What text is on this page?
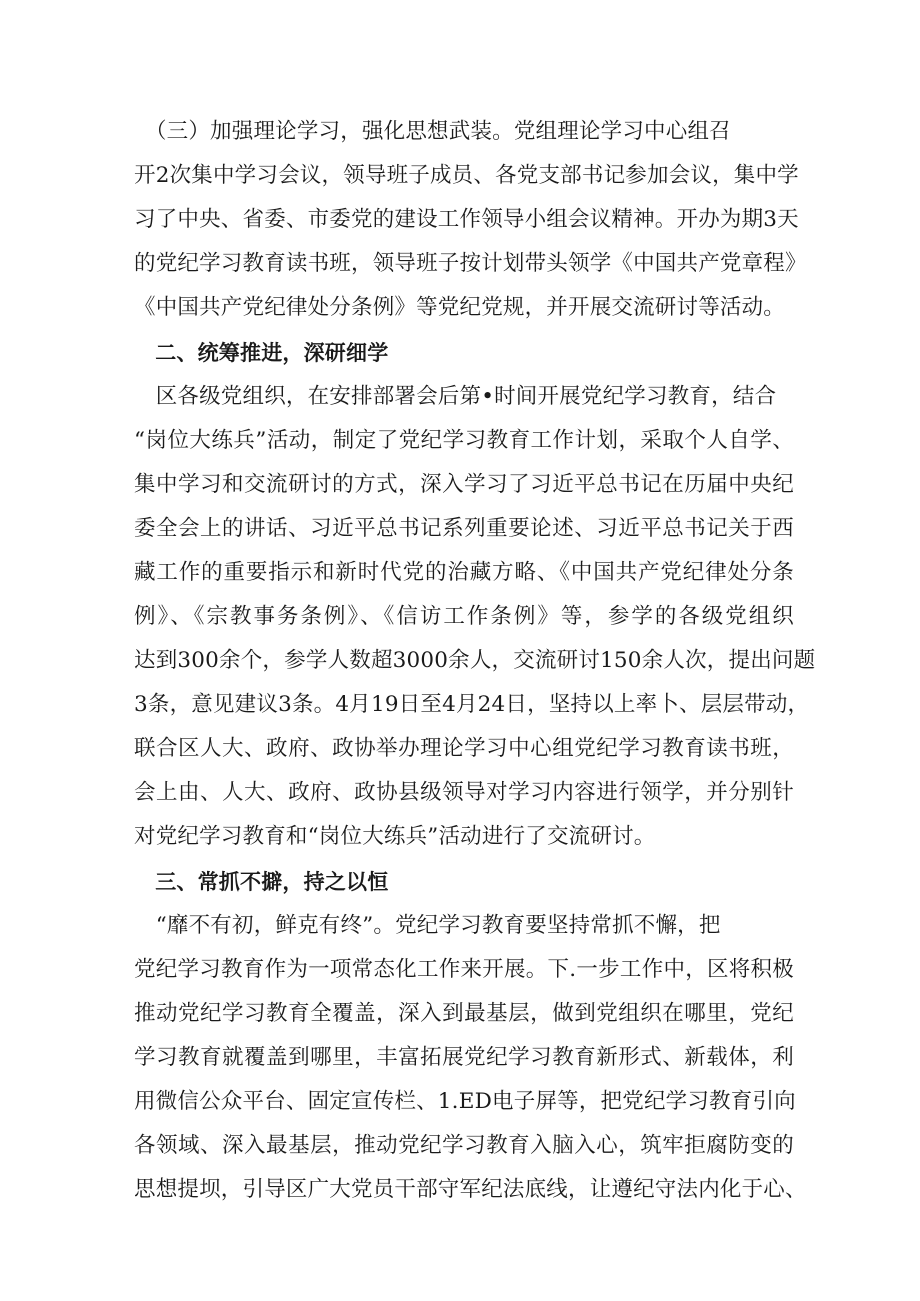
　（三）加强理论学习，强化思想武装。党组理论学习中心组召
开2次集中学习会议，领导班子成员、各党支部书记参加会议，集中学
习了中央、省委、市委党的建设工作领导小组会议精神。开办为期3天
的党纪学习教育读书班，领导班子按计划带头领学《中国共产党章程》
《中国共产党纪律处分条例》等党纪党规，并开展交流研讨等活动。
　二、统筹推进，深研细学
　区各级党组织，在安排部署会后第•时间开展党纪学习教育，结合
“岗位大练兵”活动，制定了党纪学习教育工作计划，采取个人自学、
集中学习和交流研讨的方式，深入学习了习近平总书记在历届中央纪
委全会上的讲话、习近平总书记系列重要论述、习近平总书记关于西
藏工作的重要指示和新时代党的治藏方略、《中国共产党纪律处分条
例》、《宗教事务条例》、《信访工作条例》等，参学的各级党组织
达到300余个，参学人数超3000余人，交流研讨150余人次，提出问题
3条，意见建议3条。4月19日至4月24日，坚持以上率卜、层层带动，
联合区人大、政府、政协举办理论学习中心组党纪学习教育读书班，
会上由、人大、政府、政协县级领导对学习内容进行领学，并分别针
对党纪学习教育和“岗位大练兵”活动进行了交流研讨。
　三、常抓不擗，持之以恒
　“靡不有初，鲜克有终”。党纪学习教育要坚持常抓不懈，把
党纪学习教育作为一项常态化工作来开展。下.一步工作中，区将积极
推动党纪学习教育全覆盖，深入到最基层，做到党组织在哪里，党纪
学习教育就覆盖到哪里，丰富拓展党纪学习教育新形式、新载体，利
用微信公众平台、固定宣传栏、1.ED电子屏等，把党纪学习教育引向
各领域、深入最基层，推动党纪学习教育入脑入心，筑牢拒腐防变的
思想提坝，引导区广大党员干部守军纪法底线，让遵纪守法内化于心、
